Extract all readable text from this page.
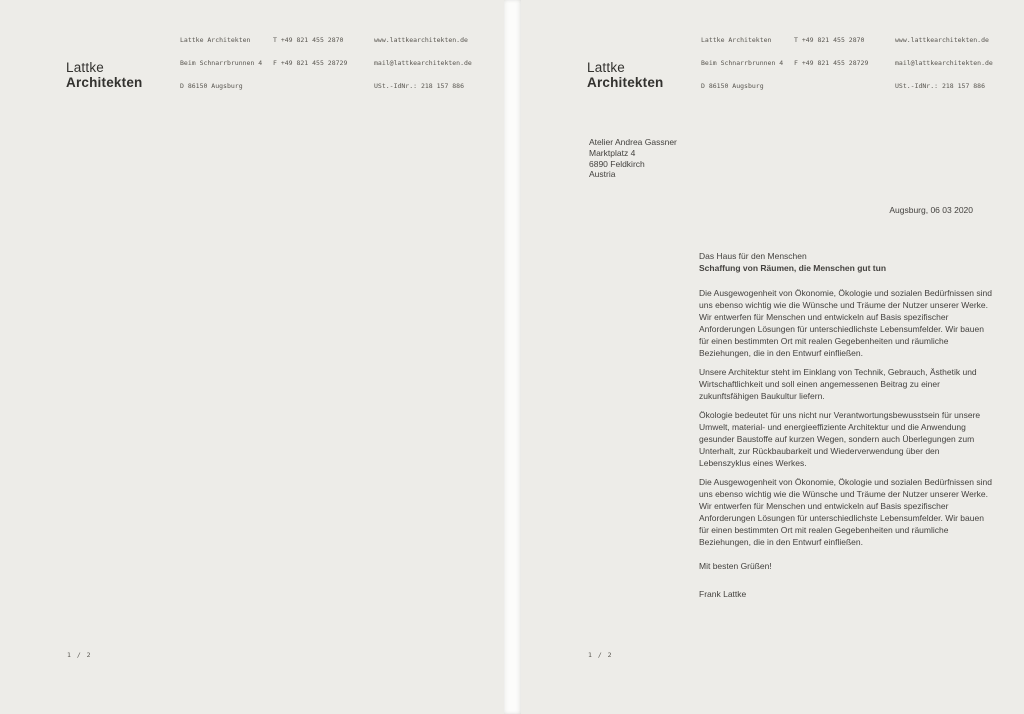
Lattke Architekten

Beim Schnarrbrunnen 4

D 86150 Augsburg

T +49 821 455 2870

F +49 821 455 28729

www.lattkearchitekten.de

mail@lattkearchitekten.de

USt.-IdNr.: 218 157 886

Lattke
Architekten
1 / 2

Lattke Architekten

Beim Schnarrbrunnen 4

D 86150 Augsburg

T +49 821 455 2870

F +49 821 455 28729

www.lattkearchitekten.de

mail@lattkearchitekten.de

USt.-IdNr.: 218 157 886

Lattke
Architekten
Atelier Andrea Gassner
Marktplatz 4
6890 Feldkirch
Austria
Augsburg, 06 03 2020
Das Haus für den Menschen
Schaffung von Räumen, die Menschen gut tun

Die Ausgewogenheit von Ökonomie, Ökologie und sozialen Bedürfnissen sind uns ebenso wichtig wie die Wünsche und Träume der Nutzer unserer Werke. Wir entwerfen für Menschen und entwickeln auf Basis spezifischer Anforderungen Lösungen für unterschiedlichste Lebensumfelder. Wir bauen für einen bestimmten Ort mit realen Gegebenheiten und räumliche Beziehungen, die in den Entwurf einfließen.

Unsere Architektur steht im Einklang von Technik, Gebrauch, Ästhetik und Wirtschaftlichkeit und soll einen angemessenen Beitrag zu einer zukunftsfähigen Baukultur liefern.

Ökologie bedeutet für uns nicht nur Verantwortungsbewusstsein für unsere Umwelt, material- und energieeffiziente Architektur und die Anwendung gesunder Baustoffe auf kurzen Wegen, sondern auch Überlegungen zum Unterhalt, zur Rückbaubarkeit und Wiederverwendung über den Lebenszyklus eines Werkes.

Die Ausgewogenheit von Ökonomie, Ökologie und sozialen Bedürfnissen sind uns ebenso wichtig wie die Wünsche und Träume der Nutzer unserer Werke. Wir entwerfen für Menschen und entwickeln auf Basis spezifischer Anforderungen Lösungen für unterschiedlichste Lebensumfelder. Wir bauen für einen bestimmten Ort mit realen Gegebenheiten und räumliche Beziehungen, die in den Entwurf einfließen.

Mit besten Grüßen!
Frank Lattke
1 / 2
